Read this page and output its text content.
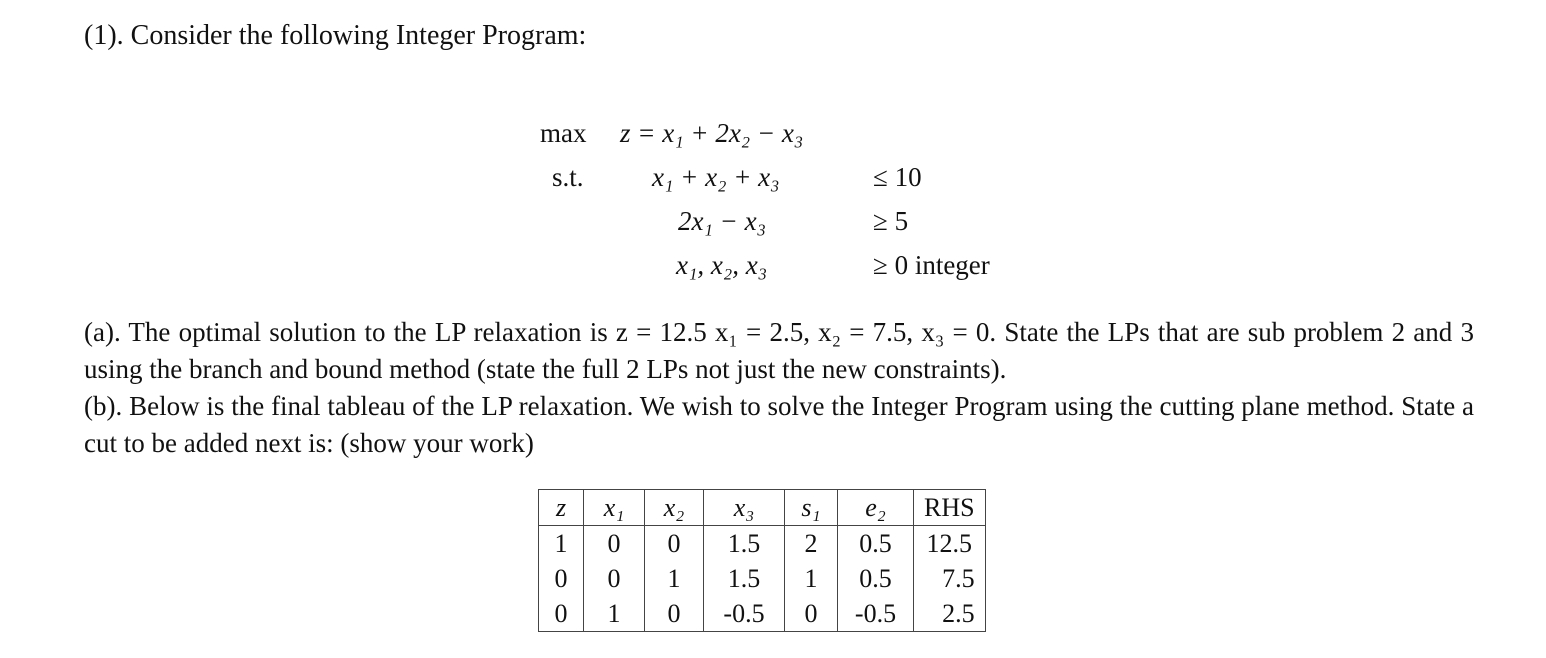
(1). Consider the following Integer Program:
max z = x₁ + 2x₂ − x₃
s.t.	x₁ + x₂ + x₃	≤ 10
2x₁ − x₃	≥ 5
x₁, x₂, x₃	≥ 0 integer

(a). The optimal solution to the LP relaxation is z = 12.5 x₁ = 2.5, x₂ = 7.5, x₃ = 0. State the LPs that are sub problem 2 and 3 using the branch and bound method (state the full 2 LPs not just the new constraints).

(b). Below is the final tableau of the LP relaxation. We wish to solve the Integer Program using the cutting plane method. State a cut to be added next is: (show your work)

z	x₁	x₂	x₃	s₁	e₂	RHS
1	0	0	1.5	2	0.5	12.5
0	0	1	1.5	1	0.5	7.5
0	1	0	-0.5	0	-0.5	2.5
